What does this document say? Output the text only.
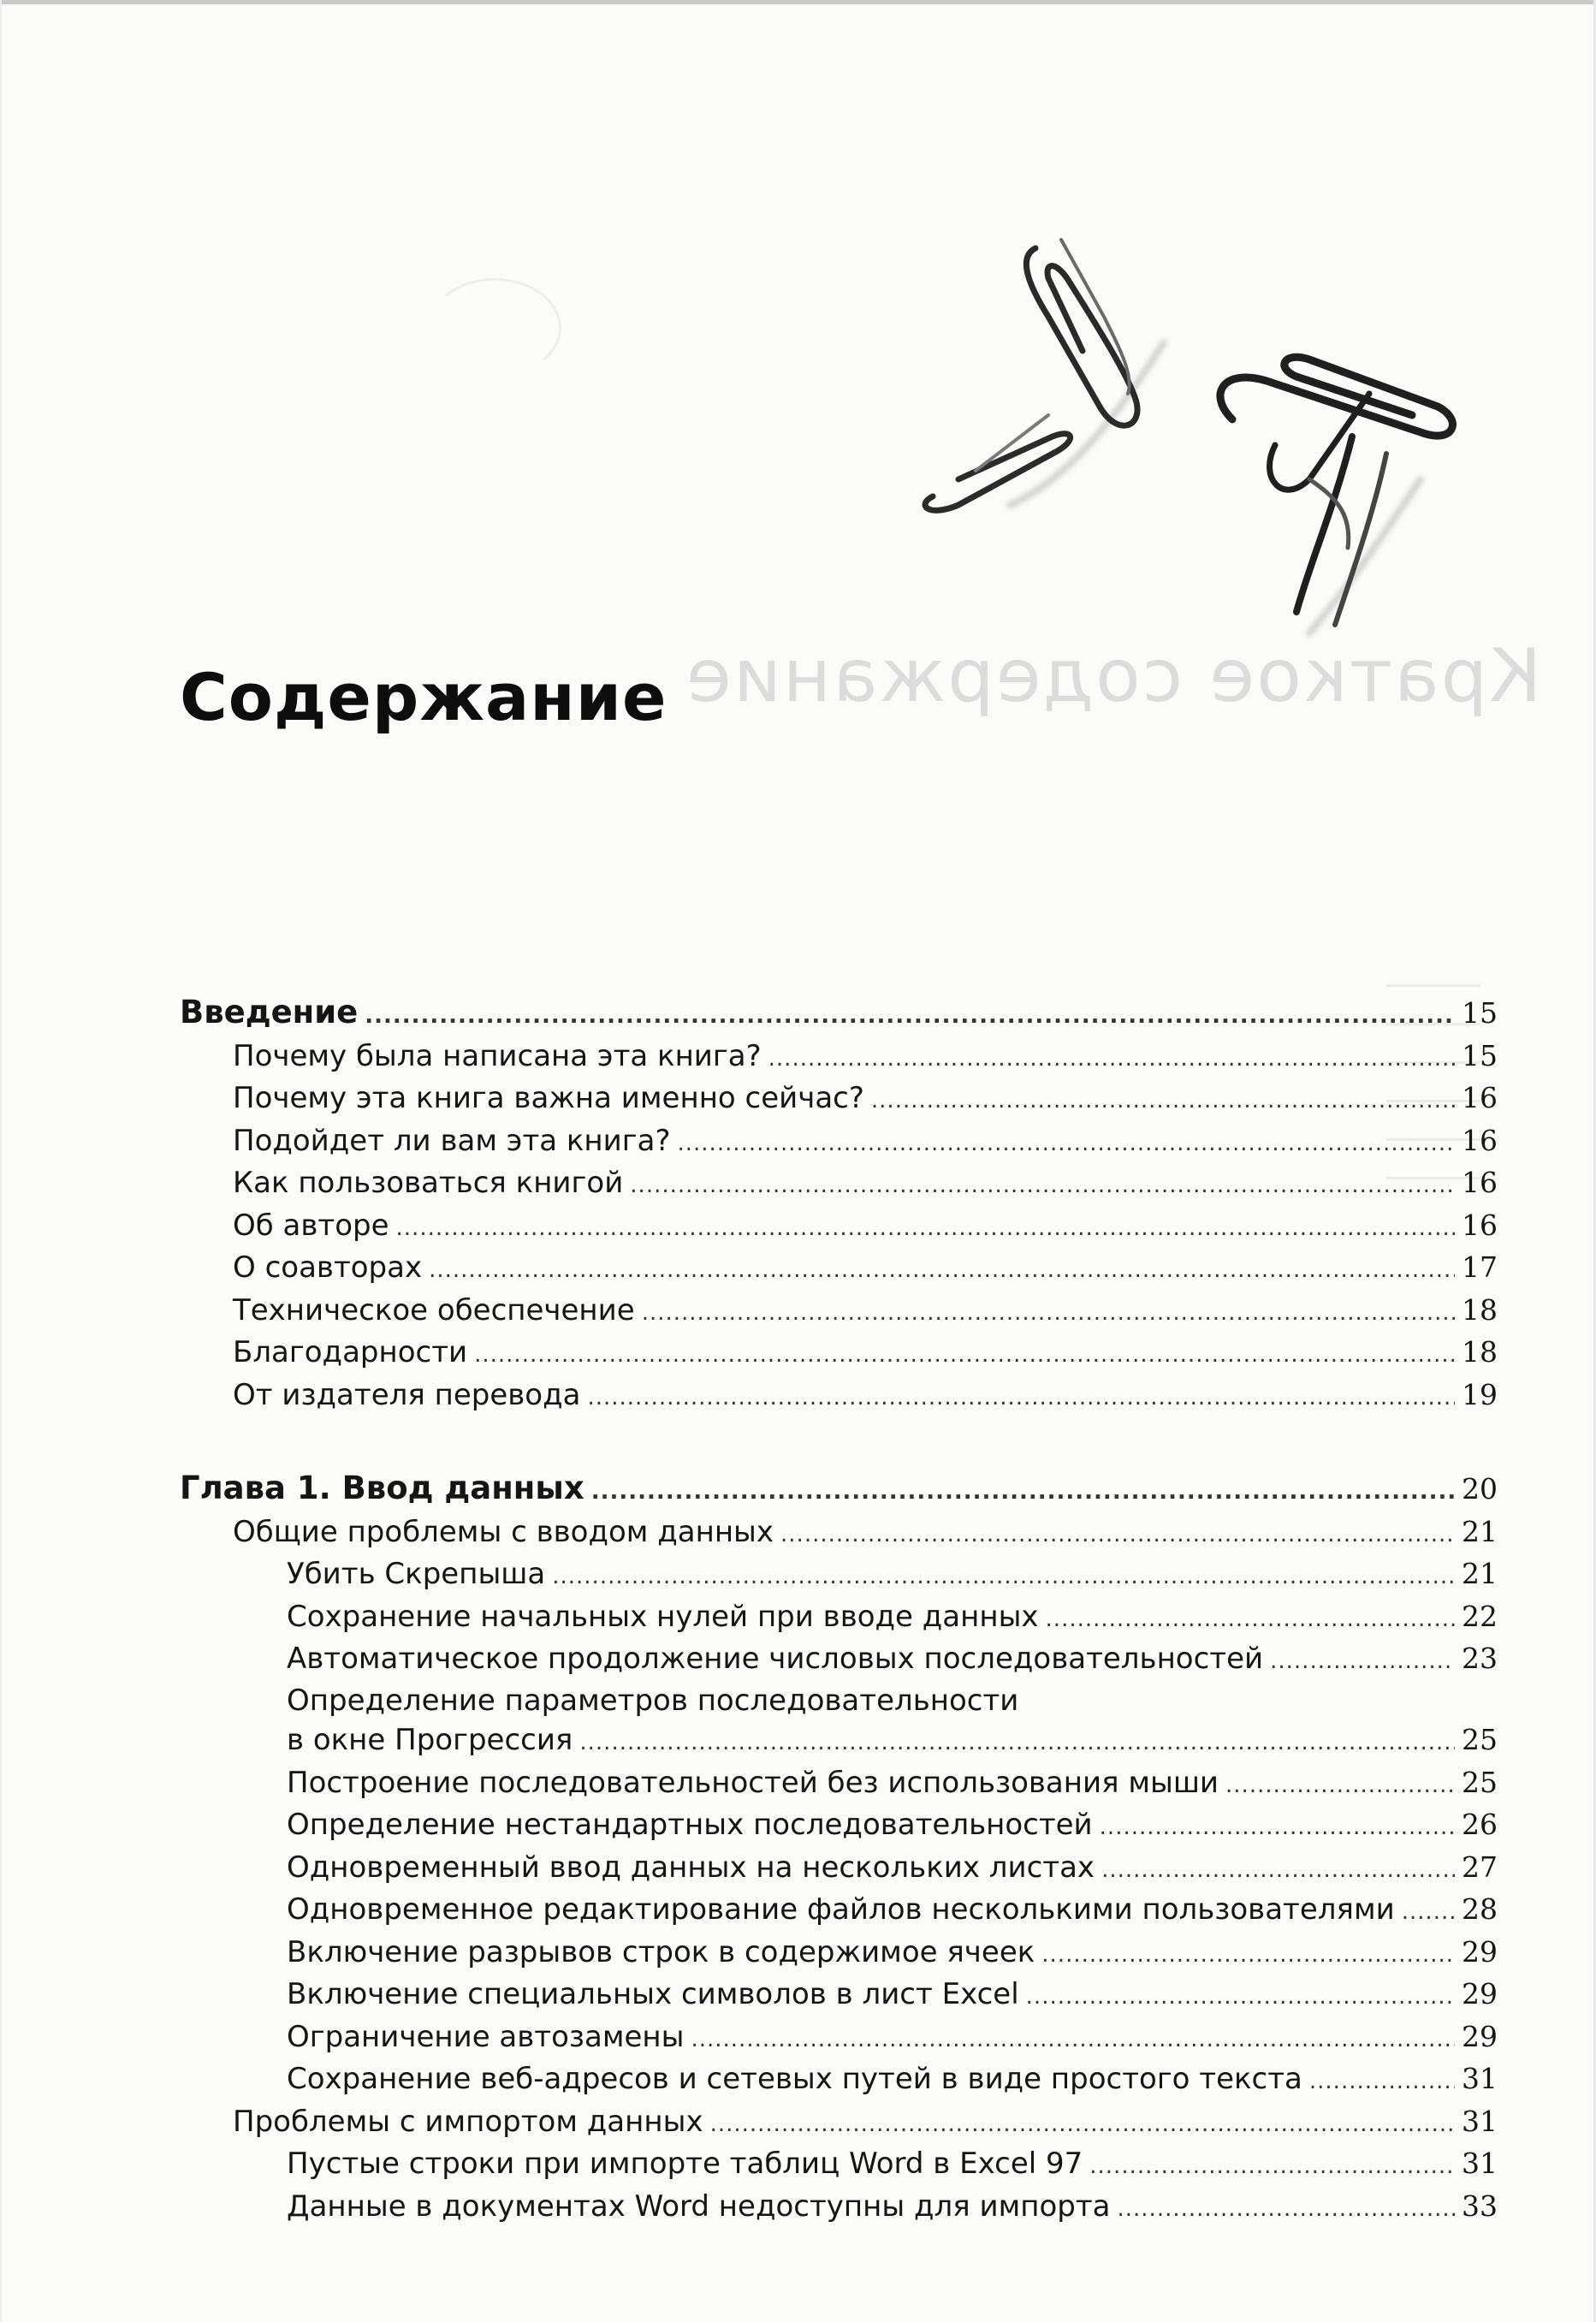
Краткое содержание
Содержание
Введение .....	15
Почему была написана эта книга? .....	15
Почему эта книга важна именно сейчас? .....	16
Подойдет ли вам эта книга? .....	16
Как пользоваться книгой .....	16
Об авторе .....	16
О соавторах .....	17
Техническое обеспечение .....	18
Благодарности .....	18
От издателя перевода .....	19
Глава 1. Ввод данных .....	20
Общие проблемы с вводом данных .....	21
Убить Скрепыша .....	21
Сохранение начальных нулей при вводе данных .....	22
Автоматическое продолжение числовых последовательностей .....	23
Определение параметров последовательности
в окне Прогрессия .....	25
Построение последовательностей без использования мыши .....	25
Определение нестандартных последовательностей .....	26
Одновременный ввод данных на нескольких листах .....	27
Одновременное редактирование файлов несколькими пользователями ..... 28
Включение разрывов строк в содержимое ячеек .....	29
Включение специальных символов в лист Excel .....	29
Ограничение автозамены .....	29
Сохранение веб-адресов и сетевых путей в виде простого текста .....	31
Проблемы с импортом данных .....	31
Пустые строки при импорте таблиц Word в Excel 97 .....	31
Данные в документах Word недоступны для импорта .....	33
